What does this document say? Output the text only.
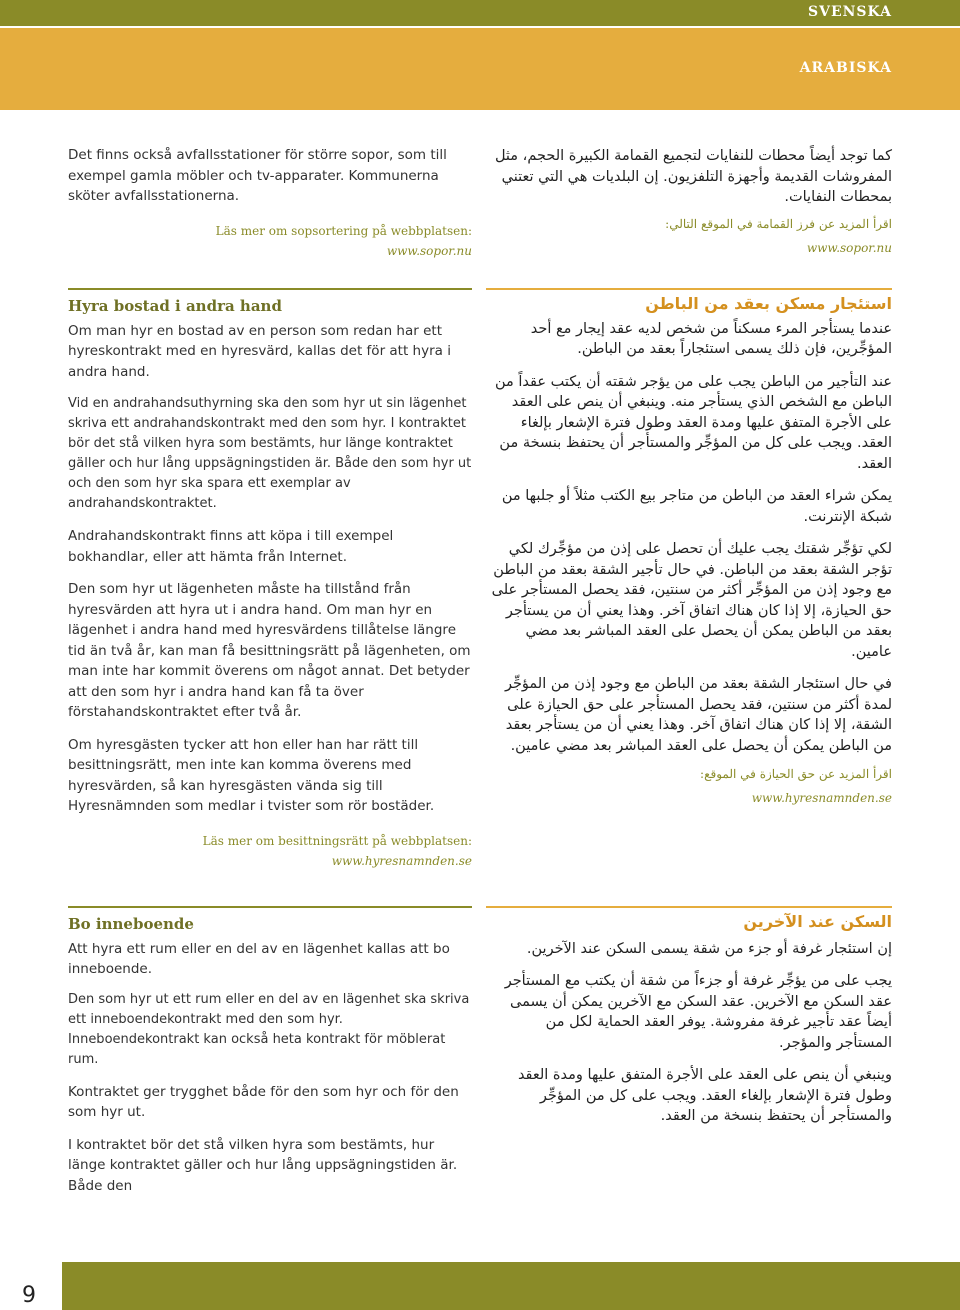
SVENSKA
ARABISKA

Det finns också avfallsstationer för större sopor, som till exempel gamla möbler och tv-apparater. Kommunerna sköter avfallsstationerna.

Läs mer om sopsortering på webbplatsen:
www.sopor.nu

كما توجد أيضاً محطات للنفايات لتجميع القمامة الكبيرة الحجم، مثل المفروشات القديمة وأجهزة التلفزيون. إن البلديات هي التي تعتني بمحطات النفايات.

اقرأ المزيد عن فرز القمامة في الموقع التالي:
www.sopor.nu
Hyra bostad i andra hand

Om man hyr en bostad av en person som redan har ett hyreskontrakt med en hyresvärd, kallas det för att hyra i andra hand.

Vid en andrahandsuthyrning ska den som hyr ut sin lägenhet skriva ett andrahandskontrakt med den som hyr. I kontraktet bör det stå vilken hyra som bestämts, hur länge kontraktet gäller och hur lång uppsägningstiden är. Både den som hyr ut och den som hyr ska spara ett exemplar av andrahandskontraktet.

Andrahandskontrakt finns att köpa i till exempel bokhandlar, eller att hämta från Internet.

Den som hyr ut lägenheten måste ha tillstånd från hyresvärden att hyra ut i andra hand. Om man hyr en lägenhet i andra hand med hyresvärdens tillåtelse längre tid än två år, kan man få besittningsrätt på lägenheten, om man inte har kommit överens om något annat. Det betyder att den som hyr i andra hand kan få ta över förstahandskontraktet efter två år.

Om hyresgästen tycker att hon eller han har rätt till besittningsrätt, men inte kan komma överens med hyresvärden, så kan hyresgästen vända sig till Hyresnämnden som medlar i tvister som rör bostäder.

Läs mer om besittningsrätt på webbplatsen:
www.hyresnamnden.se
استئجار مسكن بعقد من الباطن

عندما يستأجر المرء مسكناً من شخص لديه عقد إيجار مع أحد المؤجِّرين، فإن ذلك يسمى استئجاراً بعقد من الباطن.

عند التأجير من الباطن يجب على من يؤجر شقته أن يكتب عقداً من الباطن مع الشخص الذي يستأجر منه. وينبغي أن ينص على العقد على الأجرة المتفق عليها ومدة العقد وطول فترة الإشعار بإلغاء العقد. ويجب على كل من المؤجِّر والمستأجر أن يحتفظ بنسخة من العقد.

يمكن شراء العقد من الباطن من متاجر بيع الكتب مثلاً أو جلبها من شبكة الإنترنت.

لكي تؤجِّر شقتك يجب عليك أن تحصل على إذن من مؤجِّرك لكي تؤجر الشقة بعقد من الباطن. في حال تأجير الشقة بعقد من الباطن مع وجود إذن من المؤجِّر أكثر من سنتين، فقد يحصل المستأجر على حق الحيازة، إلا إذا كان هناك اتفاق آخر. وهذا يعني أن من يستأجر بعقد من الباطن يمكن أن يحصل على العقد المباشر بعد مضي عامين.

في حال استئجار الشقة بعقد من الباطن مع وجود إذن من المؤجِّر لمدة أكثر من سنتين، فقد يحصل المستأجر على حق الحيازة على الشقة، إلا إذا كان هناك اتفاق آخر. وهذا يعني أن من يستأجر بعقد من الباطن يمكن أن يحصل على العقد المباشر بعد مضي عامين.

اقرأ المزيد عن حق الحيازة في الموقع:
www.hyresnamnden.se
Bo inneboende

Att hyra ett rum eller en del av en lägenhet kallas att bo inneboende.

Den som hyr ut ett rum eller en del av en lägenhet ska skriva ett inneboendekontrakt med den som hyr. Inneboendekontrakt kan också heta kontrakt för möblerat rum.

Kontraktet ger trygghet både för den som hyr och för den som hyr ut.

I kontraktet bör det stå vilken hyra som bestämts, hur länge kontraktet gäller och hur lång uppsägningstiden är. Både den

السكن عند الآخرين

إن استئجار غرفة أو جزء من شقة يسمى السكن عند الآخرين.

يجب على من يؤجِّر غرفة أو جزءاً من شقة أن يكتب مع المستأجر عقد السكن مع الآخرين. عقد السكن مع الآخرين يمكن أن يسمى أيضاً عقد تأجير غرفة مفروشة. يوفر العقد الحماية لكل من المستأجر والمؤجر.

وينبغي أن ينص على العقد على الأجرة المتفق عليها ومدة العقد وطول فترة الإشعار بإلغاء العقد. ويجب على كل من المؤجِّر والمستأجر أن يحتفظ بنسخة من العقد.

9
